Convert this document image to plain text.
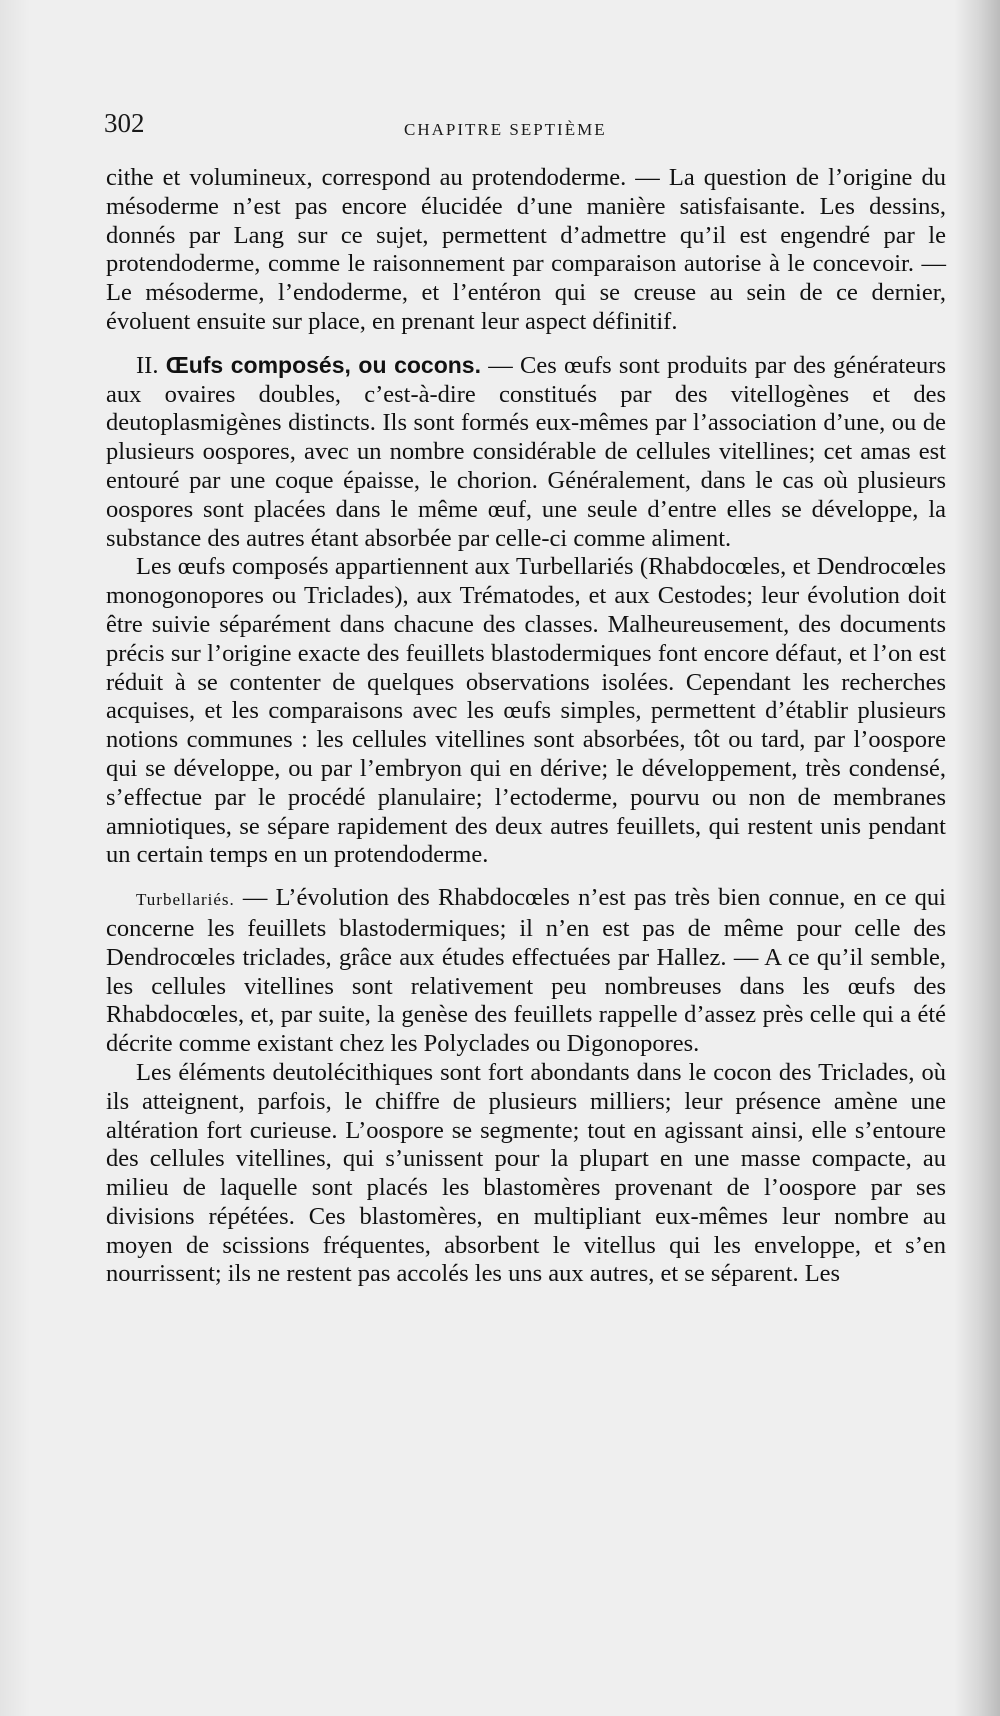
302	CHAPITRE SEPTIÈME

cithe et volumineux, correspond au protendoderme. — La question de l’origine du mésoderme n’est pas encore élucidée d’une manière satisfaisante. Les dessins, donnés par Lang sur ce sujet, permettent d’admettre qu’il est engendré par le protendoderme, comme le raisonnement par comparaison autorise à le concevoir. — Le mésoderme, l’endoderme, et l’entéron qui se creuse au sein de ce dernier, évoluent ensuite sur place, en prenant leur aspect définitif.

II. Œufs composés, ou cocons. — Ces œufs sont produits par des générateurs aux ovaires doubles, c’est-à-dire constitués par des vitellogènes et des deutoplasmigènes distincts. Ils sont formés eux-mêmes par l’association d’une, ou de plusieurs oospores, avec un nombre considérable de cellules vitellines; cet amas est entouré par une coque épaisse, le chorion. Généralement, dans le cas où plusieurs oospores sont placées dans le même œuf, une seule d’entre elles se développe, la substance des autres étant absorbée par celle-ci comme aliment.

Les œufs composés appartiennent aux Turbellariés (Rhabdocœles, et Dendrocœles monogonopores ou Triclades), aux Trématodes, et aux Cestodes; leur évolution doit être suivie séparément dans chacune des classes. Malheureusement, des documents précis sur l’origine exacte des feuillets blastodermiques font encore défaut, et l’on est réduit à se contenter de quelques observations isolées. Cependant les recherches acquises, et les comparaisons avec les œufs simples, permettent d’établir plusieurs notions communes : les cellules vitellines sont absorbées, tôt ou tard, par l’oospore qui se développe, ou par l’embryon qui en dérive; le développement, très condensé, s’effectue par le procédé planulaire; l’ectoderme, pourvu ou non de membranes amniotiques, se sépare rapidement des deux autres feuillets, qui restent unis pendant un certain temps en un protendoderme.

Turbellariés. — L’évolution des Rhabdocœles n’est pas très bien connue, en ce qui concerne les feuillets blastodermiques; il n’en est pas de même pour celle des Dendrocœles triclades, grâce aux études effectuées par Hallez. — A ce qu’il semble, les cellules vitellines sont relativement peu nombreuses dans les œufs des Rhabdocœles, et, par suite, la genèse des feuillets rappelle d’assez près celle qui a été décrite comme existant chez les Polyclades ou Digonopores.

Les éléments deutolécithiques sont fort abondants dans le cocon des Triclades, où ils atteignent, parfois, le chiffre de plusieurs milliers; leur présence amène une altération fort curieuse. L’oospore se segmente; tout en agissant ainsi, elle s’entoure des cellules vitellines, qui s’unissent pour la plupart en une masse compacte, au milieu de laquelle sont placés les blastomères provenant de l’oospore par ses divisions répétées. Ces blastomères, en multipliant eux-mêmes leur nombre au moyen de scissions fréquentes, absorbent le vitellus qui les enveloppe, et s’en nourrissent; ils ne restent pas accolés les uns aux autres, et se séparent. Les
